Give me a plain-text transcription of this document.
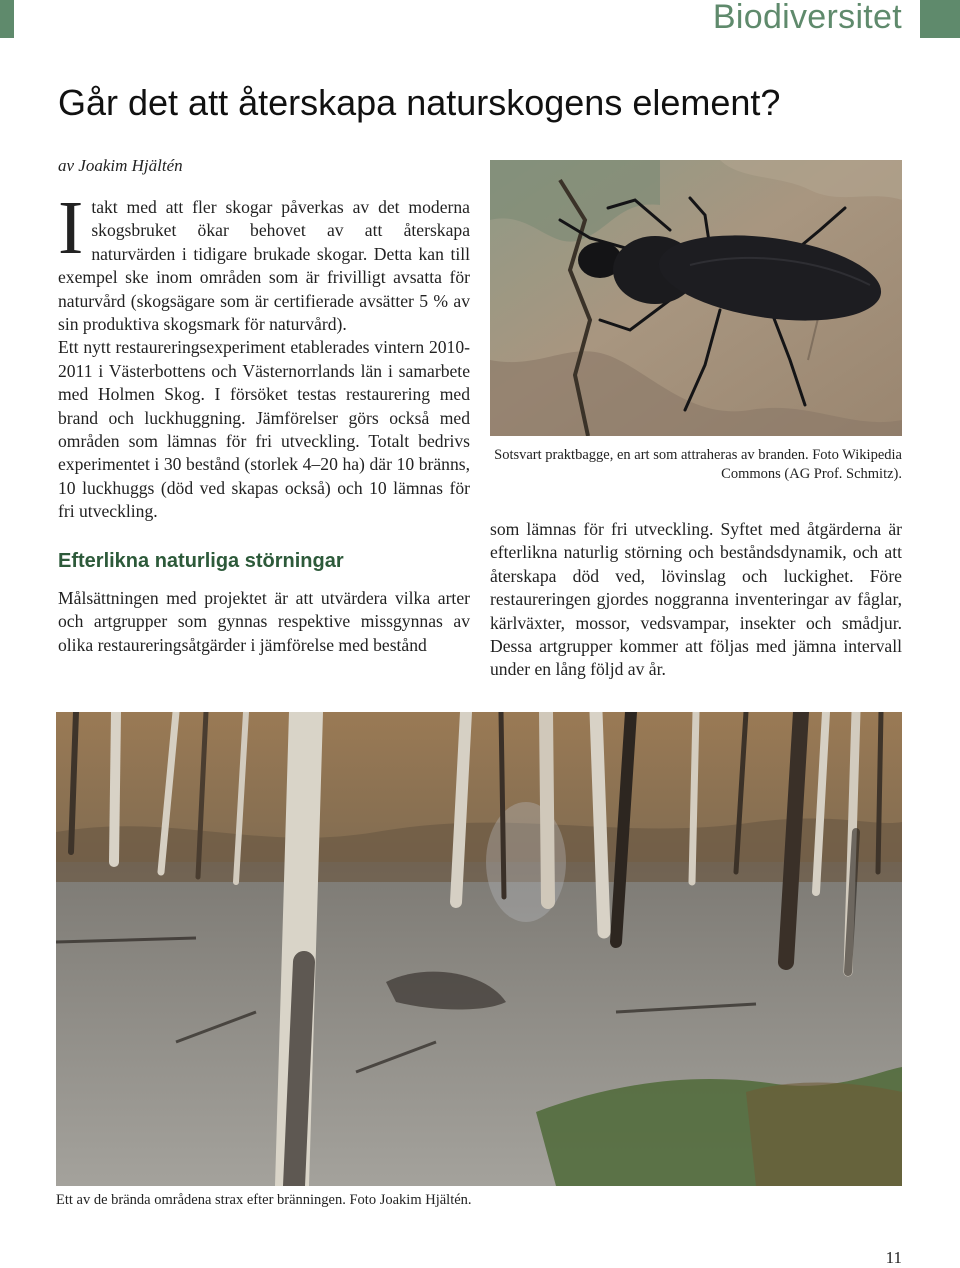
Biodiversitet
Går det att återskapa naturskogens element?
av Joakim Hjältén

Itakt med att fler skogar påverkas av det moderna skogsbruket ökar behovet av att återskapa naturvärden i tidigare brukade skogar. Detta kan till exempel ske inom områden som är frivilligt avsatta för naturvård (skogsägare som är certifierade avsätter 5 % av sin produktiva skogsmark för naturvård).

Ett nytt restaureringsexperiment etablerades vintern 2010-2011 i Västerbottens och Västernorrlands län i samarbete med Holmen Skog. I försöket testas restaurering med brand och luckhuggning. Jämförelser görs också med områden som lämnas för fri utveckling. Totalt bedrivs experimentet i 30 bestånd (storlek 4–20 ha) där 10 bränns, 10 luckhuggs (död ved skapas också) och 10 lämnas för fri utveckling.

Efterlikna naturliga störningar

Målsättningen med projektet är att utvärdera vilka arter och artgrupper som gynnas respektive missgynnas av olika restaureringsåtgärder i jämförelse med bestånd

Sotsvart praktbagge, en art som attraheras av branden. Foto Wikipedia Commons (AG Prof. Schmitz).

som lämnas för fri utveckling. Syftet med åtgärderna är efterlikna naturlig störning och beståndsdynamik, och att återskapa död ved, lövinslag och luckighet. Före restaureringen gjordes noggranna inventeringar av fåglar, kärlväxter, mossor, vedsvampar, insekter och smådjur. Dessa artgrupper kommer att följas med jämna intervall under en lång följd av år.

Ett av de brända områdena strax efter bränningen. Foto Joakim Hjältén.
11
